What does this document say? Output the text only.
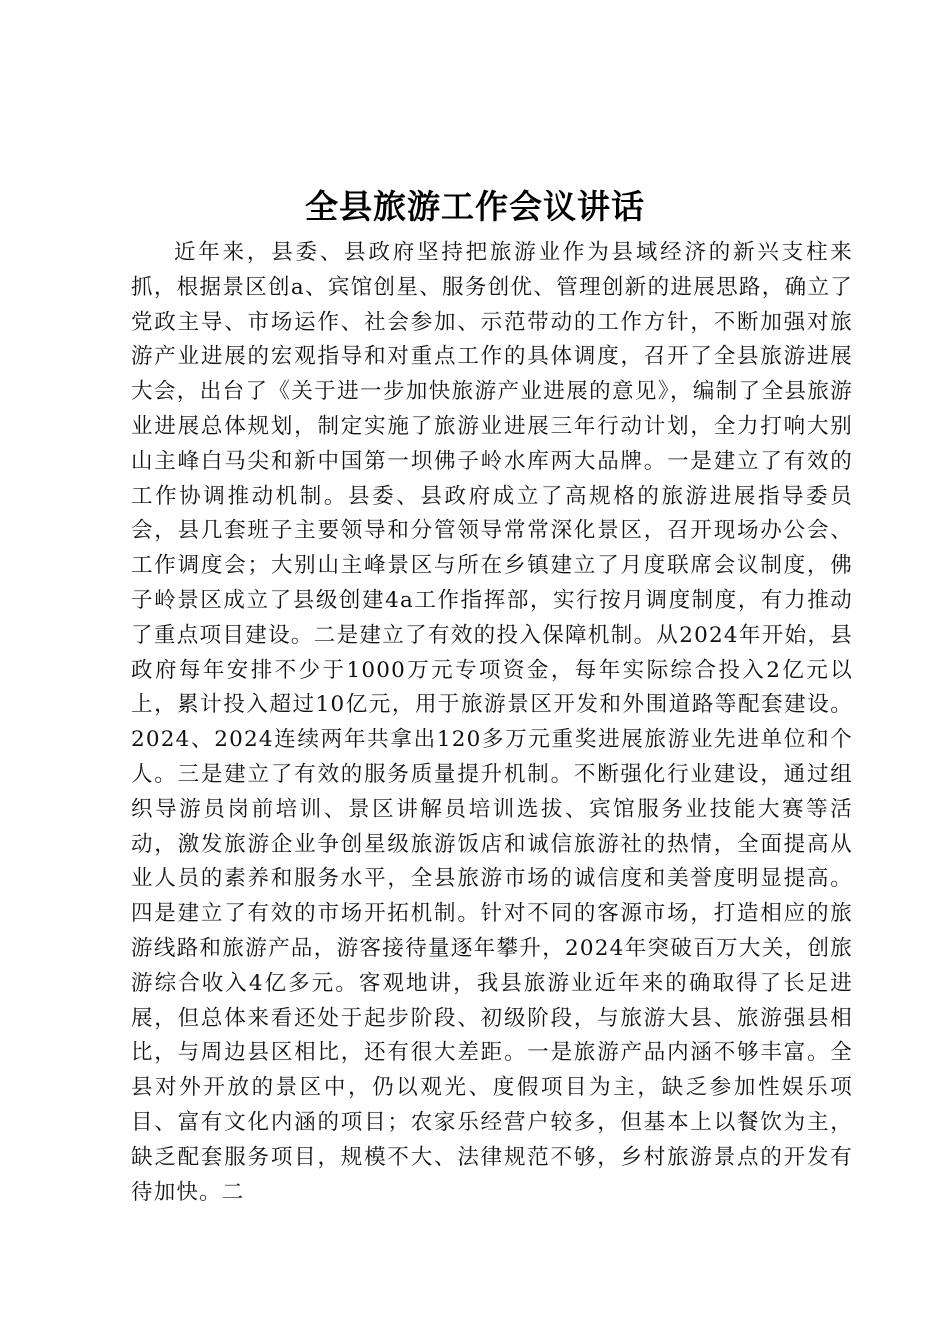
全县旅游工作会议讲话

近年来，县委、县政府坚持把旅游业作为县域经济的新兴支柱来抓，根据景区创a、宾馆创星、服务创优、管理创新的进展思路，确立了党政主导、市场运作、社会参加、示范带动的工作方针，不断加强对旅游产业进展的宏观指导和对重点工作的具体调度，召开了全县旅游进展大会，出台了《关于进一步加快旅游产业进展的意见》，编制了全县旅游业进展总体规划，制定实施了旅游业进展三年行动计划，全力打响大别山主峰白马尖和新中国第一坝佛子岭水库两大品牌。一是建立了有效的工作协调推动机制。县委、县政府成立了高规格的旅游进展指导委员会，县几套班子主要领导和分管领导常常深化景区，召开现场办公会、工作调度会；大别山主峰景区与所在乡镇建立了月度联席会议制度，佛子岭景区成立了县级创建4a工作指挥部，实行按月调度制度，有力推动了重点项目建设。二是建立了有效的投入保障机制。从2024年开始，县政府每年安排不少于1000万元专项资金，每年实际综合投入2亿元以上，累计投入超过10亿元，用于旅游景区开发和外围道路等配套建设。2024、2024连续两年共拿出120多万元重奖进展旅游业先进单位和个人。三是建立了有效的服务质量提升机制。不断强化行业建设，通过组织导游员岗前培训、景区讲解员培训选拔、宾馆服务业技能大赛等活动，激发旅游企业争创星级旅游饭店和诚信旅游社的热情，全面提高从业人员的素养和服务水平，全县旅游市场的诚信度和美誉度明显提高。四是建立了有效的市场开拓机制。针对不同的客源市场，打造相应的旅游线路和旅游产品，游客接待量逐年攀升，2024年突破百万大关，创旅游综合收入4亿多元。客观地讲，我县旅游业近年来的确取得了长足进展，但总体来看还处于起步阶段、初级阶段，与旅游大县、旅游强县相比，与周边县区相比，还有很大差距。一是旅游产品内涵不够丰富。全县对外开放的景区中，仍以观光、度假项目为主，缺乏参加性娱乐项目、富有文化内涵的项目；农家乐经营户较多，但基本上以餐饮为主，缺乏配套服务项目，规模不大、法律规范不够，乡村旅游景点的开发有待加快。二
